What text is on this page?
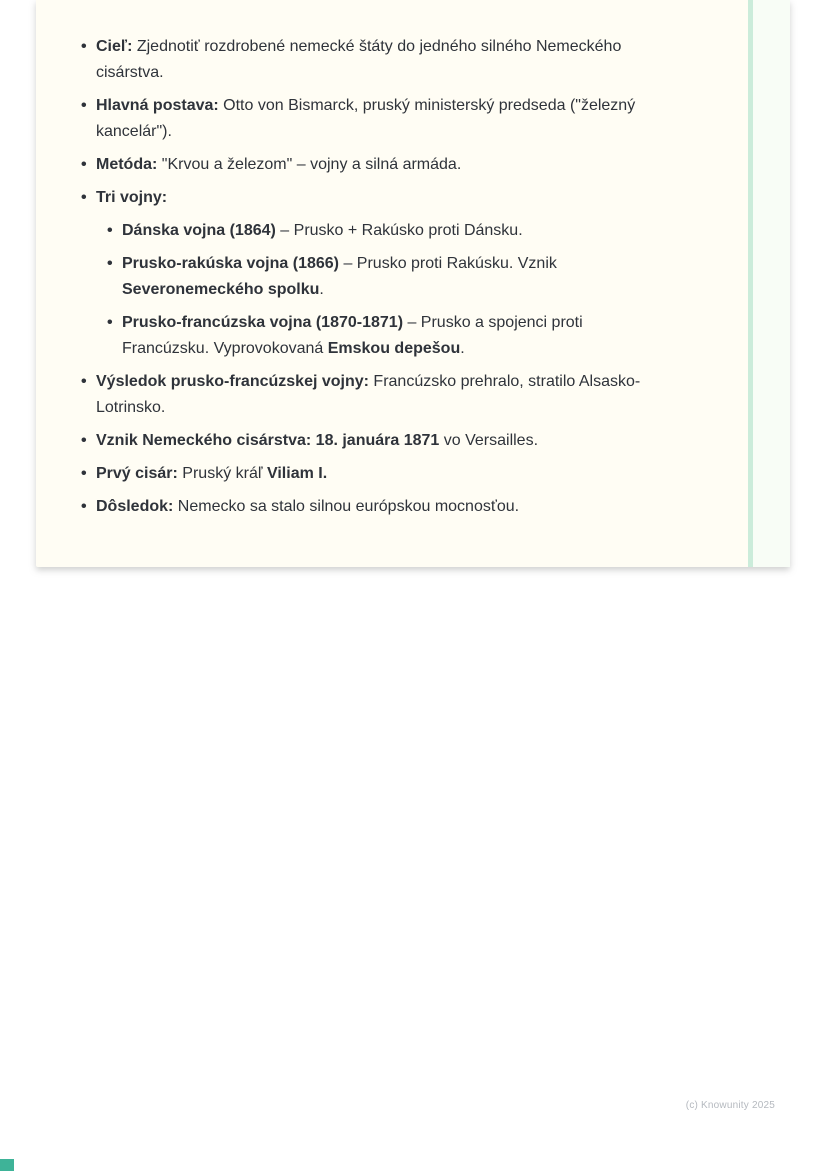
• Cieľ: Zjednotiť rozdrobené nemecké štáty do jedného silného Nemeckého
cisárstva.
• Hlavná postava: Otto von Bismarck, pruský ministerský predseda ("železný
kancelár").
• Metóda: "Krvou a železom" – vojny a silná armáda.
• Tri vojny:
• Dánska vojna (1864) – Prusko + Rakúsko proti Dánsku.
• Prusko-rakúska vojna (1866) – Prusko proti Rakúsku. Vznik
Severonemeckého spolku.
• Prusko-francúzska vojna (1870-1871) – Prusko a spojenci proti
Francúzsku. Vyprovokovaná Emskou depešou.
• Výsledok prusko-francúzskej vojny: Francúzsko prehralo, stratilo Alsasko-
Lotrinsko.
• Vznik Nemeckého cisárstva: 18. januára 1871 vo Versailles.
• Prvý cisár: Pruský kráľ Viliam I.
• Dôsledok: Nemecko sa stalo silnou európskou mocnosťou.
(c) Knowunity 2025
